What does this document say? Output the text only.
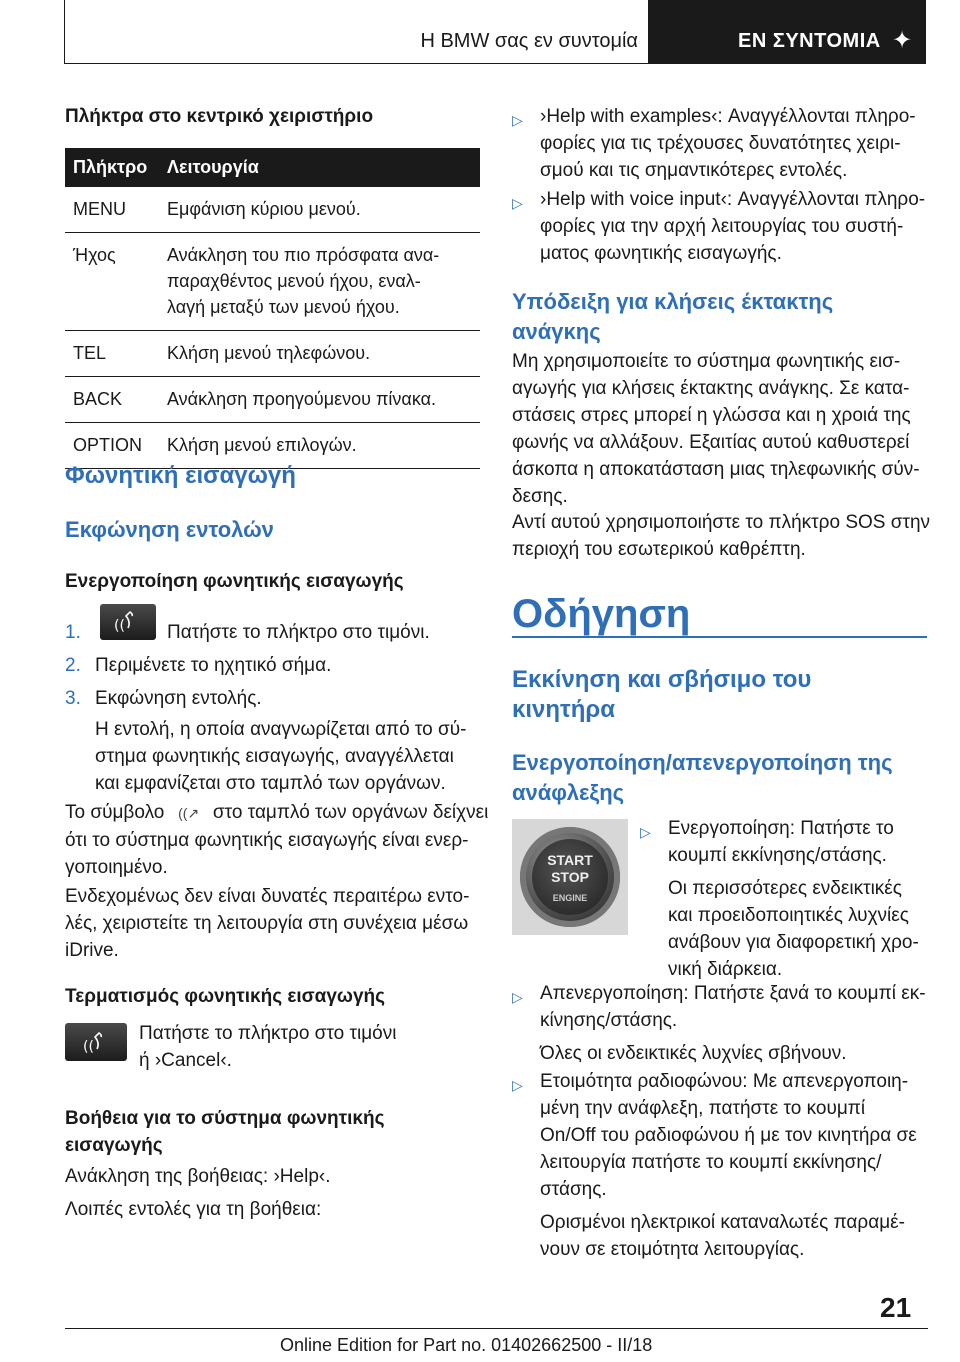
Η BMW σας εν συντομία	ΕΝ ΣΥΝΤΟΜΙΑ ✦
Πλήκτρα στο κεντρικό χειριστήριο
Πλήκτρο	Λειτουργία
MENU	Εμφάνιση κύριου μενού.
Ήχος	Ανάκληση του πιο πρόσφατα ανα-
παραχθέντος μενού ήχου, εναλ-
λαγή μεταξύ των μενού ήχου.

TEL	Κλήση μενού τηλεφώνου.
BACK	Ανάκληση προηγούμενου πίνακα.
OPTION	Κλήση μενού επιλογών.
Φωνητική εισαγωγή
Εκφώνηση εντολών
Ενεργοποίηση φωνητικής εισαγωγής
1.	(( Πατήστε το πλήκτρο στο τιμόνι.
2. Περιμένετε το ηχητικό σήμα.
3. Εκφώνηση εντολής.
Η εντολή, η οποία αναγνωρίζεται από το σύ-
στημα φωνητικής εισαγωγής, αναγγέλλεται
και εμφανίζεται στο ταμπλό των οργάνων.
Το σύμβολο ((↗ στο ταμπλό των οργάνων δείχνει
ότι το σύστημα φωνητικής εισαγωγής είναι ενερ-
γοποιημένο.
Ενδεχομένως δεν είναι δυνατές περαιτέρω εντο-
λές, χειριστείτε τη λειτουργία στη συνέχεια μέσω
iDrive.
Τερματισμός φωνητικής εισαγωγής
((
Πατήστε το πλήκτρο στο τιμόνι
ή ›Cancel‹.
Βοήθεια για το σύστημα φωνητικής
εισαγωγής
Ανάκληση της βοήθειας: ›Help‹.
Λοιπές εντολές για τη βοήθεια:
▷ ›Help with examples‹: Αναγγέλλονται πληρο-
φορίες για τις τρέχουσες δυνατότητες χειρι-
σμού και τις σημαντικότερες εντολές.
▷ ›Help with voice input‹: Αναγγέλλονται πληρο-
φορίες για την αρχή λειτουργίας του συστή-
ματος φωνητικής εισαγωγής.
Υπόδειξη για κλήσεις έκτακτης
ανάγκης
Μη χρησιμοποιείτε το σύστημα φωνητικής εισ-
αγωγής για κλήσεις έκτακτης ανάγκης. Σε κατα-
στάσεις στρες μπορεί η γλώσσα και η χροιά της
φωνής να αλλάξουν. Εξαιτίας αυτού καθυστερεί
άσκοπα η αποκατάσταση μιας τηλεφωνικής σύν-
δεσης.
Αντί αυτού χρησιμοποιήστε το πλήκτρο SOS στην
περιοχή του εσωτερικού καθρέπτη.
Οδήγηση
Εκκίνηση και σβήσιμο του
κινητήρα
Ενεργοποίηση/απενεργοποίηση της
ανάφλεξης
START
STOP
ENGINE
▷ Ενεργοποίηση: Πατήστε το
κουμπί εκκίνησης/στάσης.
Οι περισσότερες ενδεικτικές
και προειδοποιητικές λυχνίες
ανάβουν για διαφορετική χρο-
νική διάρκεια.
▷ Απενεργοποίηση: Πατήστε ξανά το κουμπί εκ-
κίνησης/στάσης.
Όλες οι ενδεικτικές λυχνίες σβήνουν.
▷ Ετοιμότητα ραδιοφώνου: Με απενεργοποιη-
μένη την ανάφλεξη, πατήστε το κουμπί
On/Off του ραδιοφώνου ή με τον κινητήρα σε
λειτουργία πατήστε το κουμπί εκκίνησης/
στάσης.
Ορισμένοι ηλεκτρικοί καταναλωτές παραμέ-
νουν σε ετοιμότητα λειτουργίας.
21
Online Edition for Part no. 01402662500 - II/18
